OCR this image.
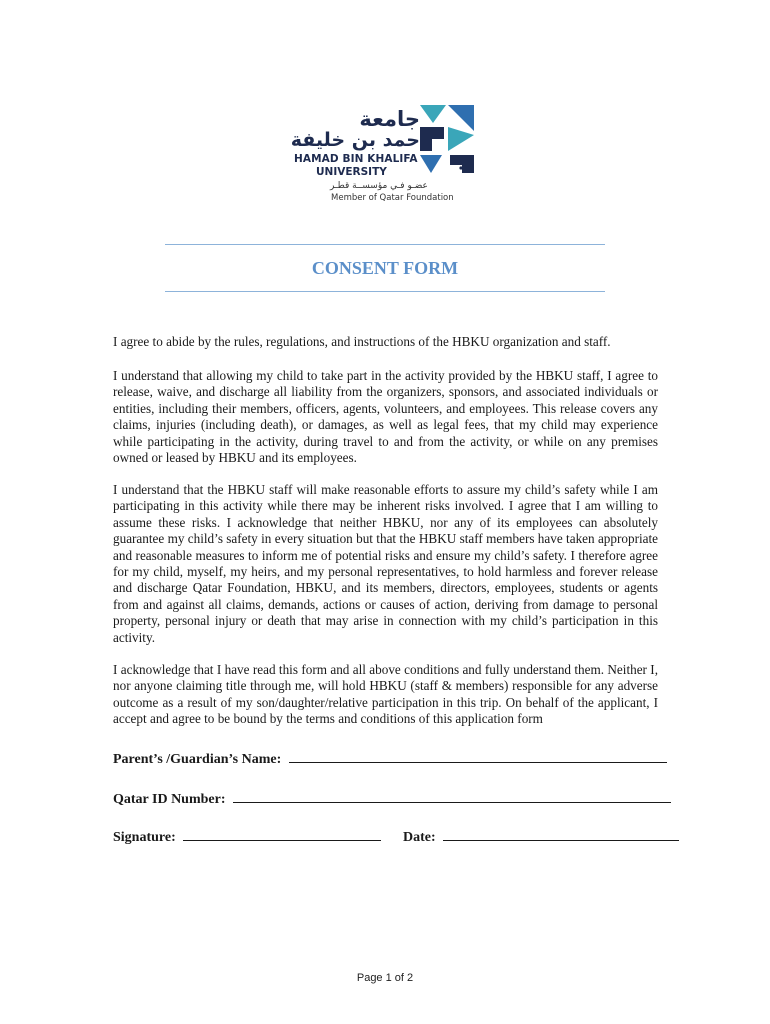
جامعة
حمد بن خليفة
HAMAD BIN KHALIFA
UNIVERSITY
عضـو فـي مؤسســة قطـر
Member of Qatar Foundation
CONSENT FORM

I agree to abide by the rules, regulations, and instructions of the HBKU organization and staff.

I understand that allowing my child to take part in the activity provided by the HBKU staff, I agree to release, waive, and discharge all liability from the organizers, sponsors, and associated individuals or entities, including their members, officers, agents, volunteers, and employees. This release covers any claims, injuries (including death), or damages, as well as legal fees, that my child may experience while participating in the activity, during travel to and from the activity, or while on any premises owned or leased by HBKU and its employees.

I understand that the HBKU staff will make reasonable efforts to assure my child’s safety while I am participating in this activity while there may be inherent risks involved. I agree that I am willing to assume these risks. I acknowledge that neither HBKU, nor any of its employees can absolutely guarantee my child’s safety in every situation but that the HBKU staff members have taken appropriate and reasonable measures to inform me of potential risks and ensure my child’s safety. I therefore agree for my child, myself, my heirs, and my personal representatives, to hold harmless and forever release and discharge Qatar Foundation, HBKU, and its members, directors, employees, students or agents from and against all claims, demands, actions or causes of action, deriving from damage to personal property, personal injury or death that may arise in connection with my child’s participation in this activity.

I acknowledge that I have read this form and all above conditions and fully understand them. Neither I, nor anyone claiming title through me, will hold HBKU (staff & members) responsible for any adverse outcome as a result of my son/daughter/relative participation in this trip. On behalf of the applicant, I accept and agree to be bound by the terms and conditions of this application form

Parent’s /Guardian’s Name:
Qatar ID Number:
Signature:	Date:
Page 1 of 2
